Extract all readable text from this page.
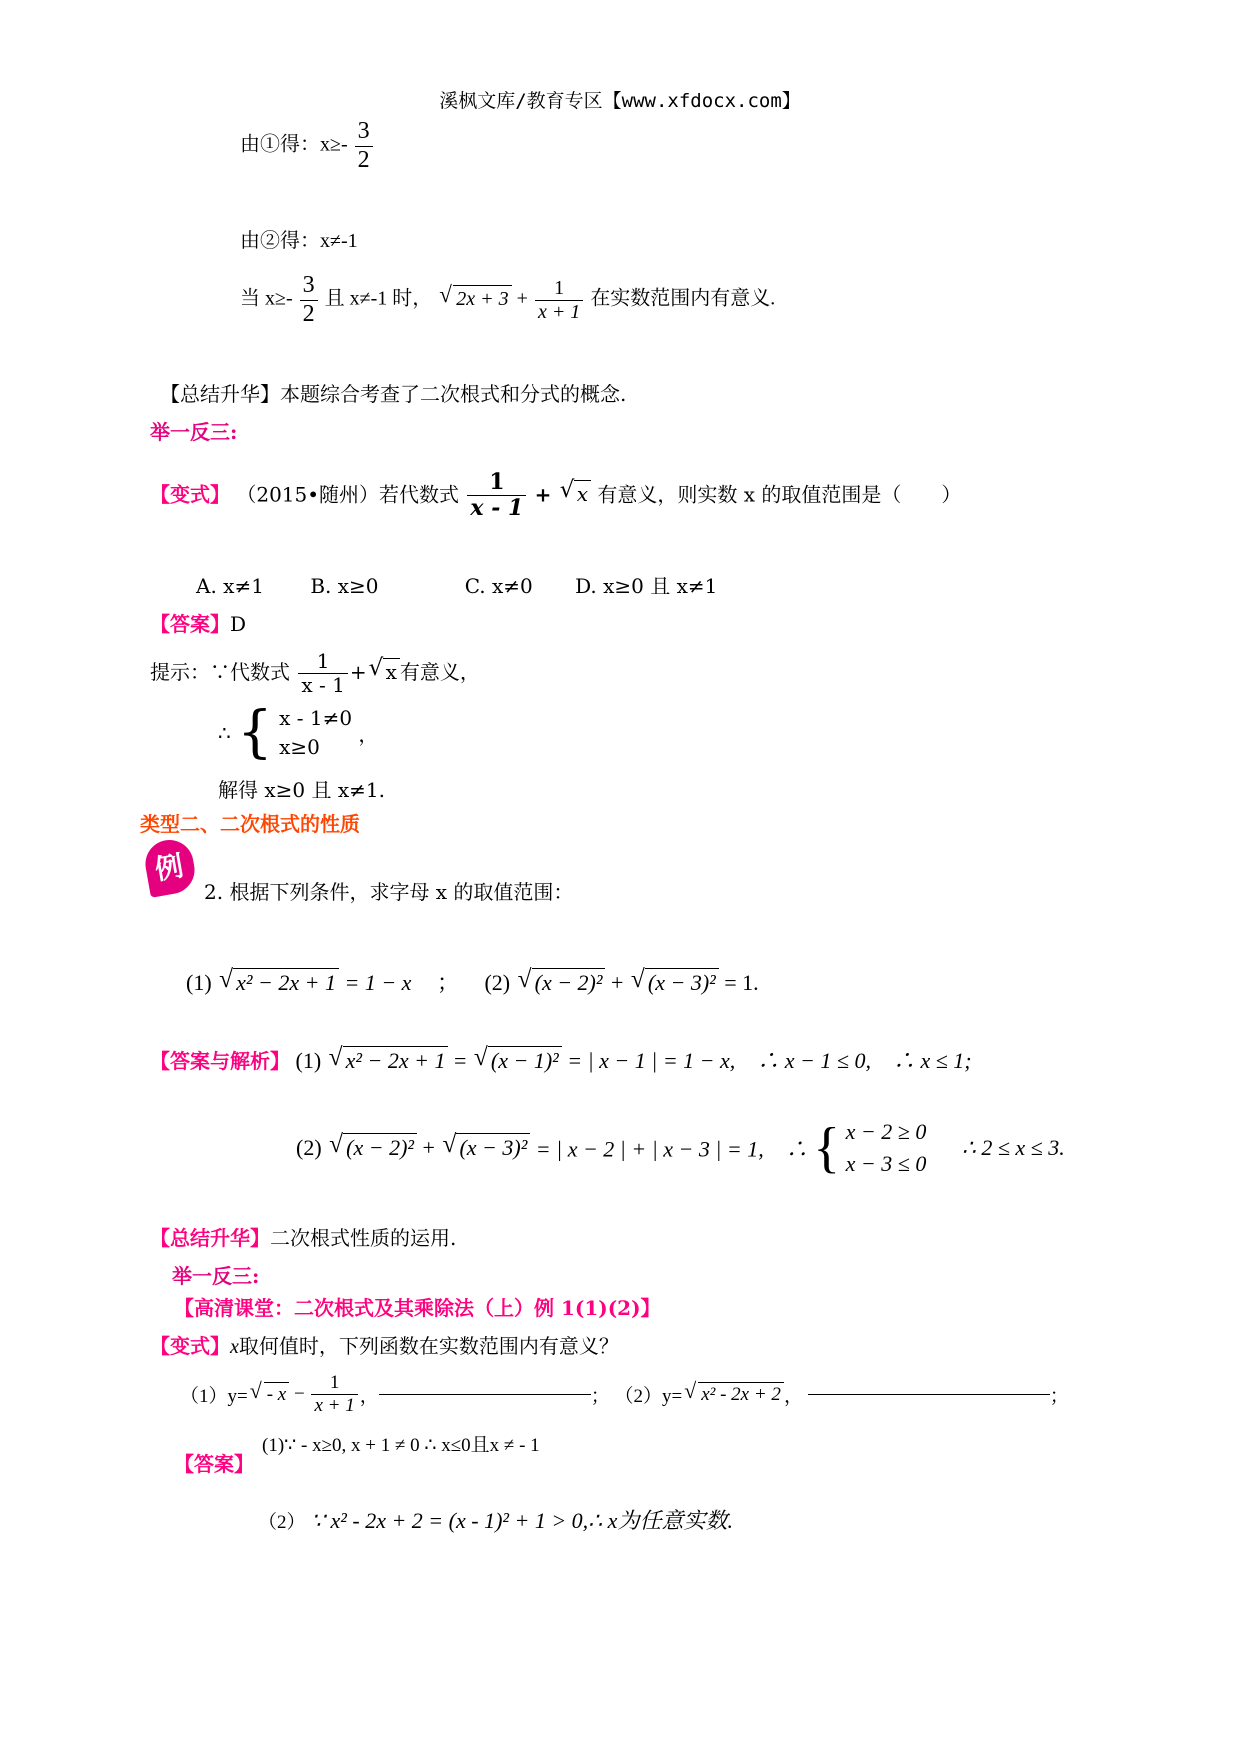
溪枫文库/教育专区【www.xfdocx.com】
由①得：$x\ge- \frac{3}{2}$
由②得：x≠-1
当 $x\ge- \frac{3}{2}$ 且 x≠-1 时， √ $2x + 3 + \frac{1}{x + 1}$ 在实数范围内有意义.
【总结升华】本题综合考查了二次根式和分式的概念.
举一反三:
【变式】 （2015•随州）若代数式 $\frac{1}{x - 1}$ + √ x 有意义，则实数 x 的取值范围是（　　）
A. x≠1 B. x≥0	C. x≠0 D. x≥0 且 x≠1
【答案】D
提示：∵代数式 $\frac{1}{x - 1}$ +√ x 有意义，
∴ { x - 1≠0
x≥0
，
解得 x≥0 且 x≠1.
类型二、二次根式的性质
例
2. 根据下列条件，求字母 x 的取值范围：
(1) √ x² − 2x + 1 = 1 − x ； (2) √ (x − 2)² + √ (x − 3)² = 1.
【答案与解析】 (1) √ x² − 2x + 1 = √ (x − 1)² = | x − 1 | = 1 − x,　∴ x − 1 ≤ 0,　∴ x ≤ 1;
(2) √ (x − 2)² + √ (x − 3)² = | x − 2 | + | x − 3 | = 1,　∴ { x − 2 ≥ 0
x − 3 ≤ 0
∴ 2 ≤ x ≤ 3.
【总结升华】二次根式性质的运用.
举一反三:
【高清课堂：二次根式及其乘除法（上）例 1(1)(2)】
【变式】x取何值时，下列函数在实数范围内有意义？
$(1)y=√ - x - \frac{1}{x + 1}$ ，	； （2）y=√ x² - 2x + 2 ，	；
【答案】
(1)∵ - x≥0, x + 1 ≠ 0 ∴ x≤0且x ≠ - 1
（2） ∵ x² - 2x + 2 = (x - 1)² + 1 > 0,∴ x为任意实数.
